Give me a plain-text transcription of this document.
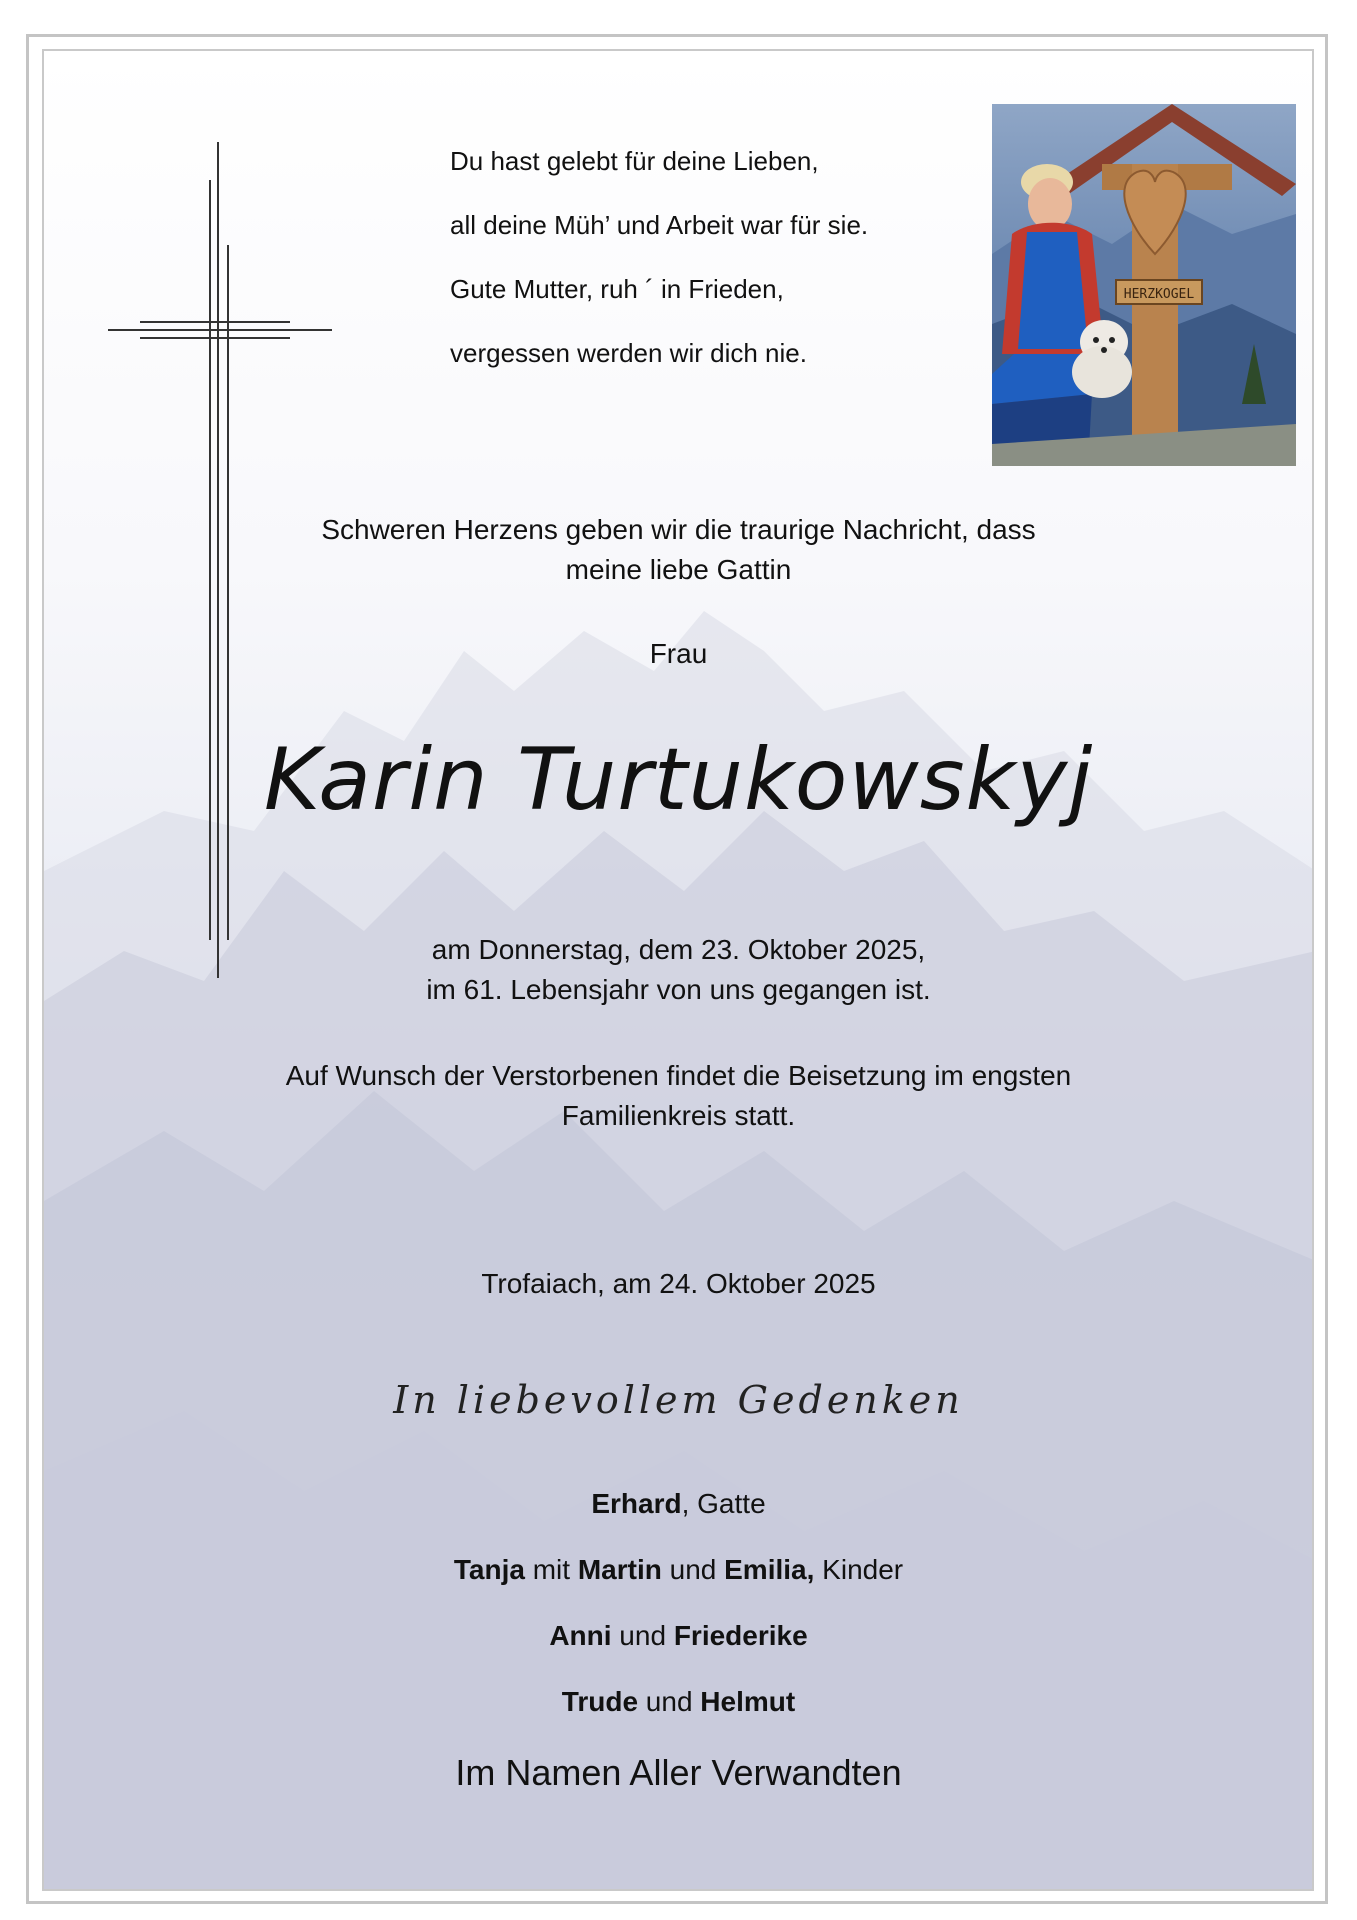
HERZKOGEL
Du hast gelebt für deine Lieben,
all deine Müh’ und Arbeit war für sie.
Gute Mutter, ruh ´ in Frieden,
vergessen werden wir dich nie.
Schweren Herzens geben wir die traurige Nachricht, dass
meine liebe Gattin
Frau
Karin Turtukowskyj
am Donnerstag, dem 23. Oktober 2025,
im 61. Lebensjahr von uns gegangen ist.
Auf Wunsch der Verstorbenen findet die Beisetzung im engsten
Familienkreis statt.
Trofaiach, am 24. Oktober 2025
In liebevollem Gedenken
Erhard, Gatte
Tanja mit Martin und Emilia, Kinder
Anni und Friederike
Trude und Helmut
Im Namen Aller Verwandten
